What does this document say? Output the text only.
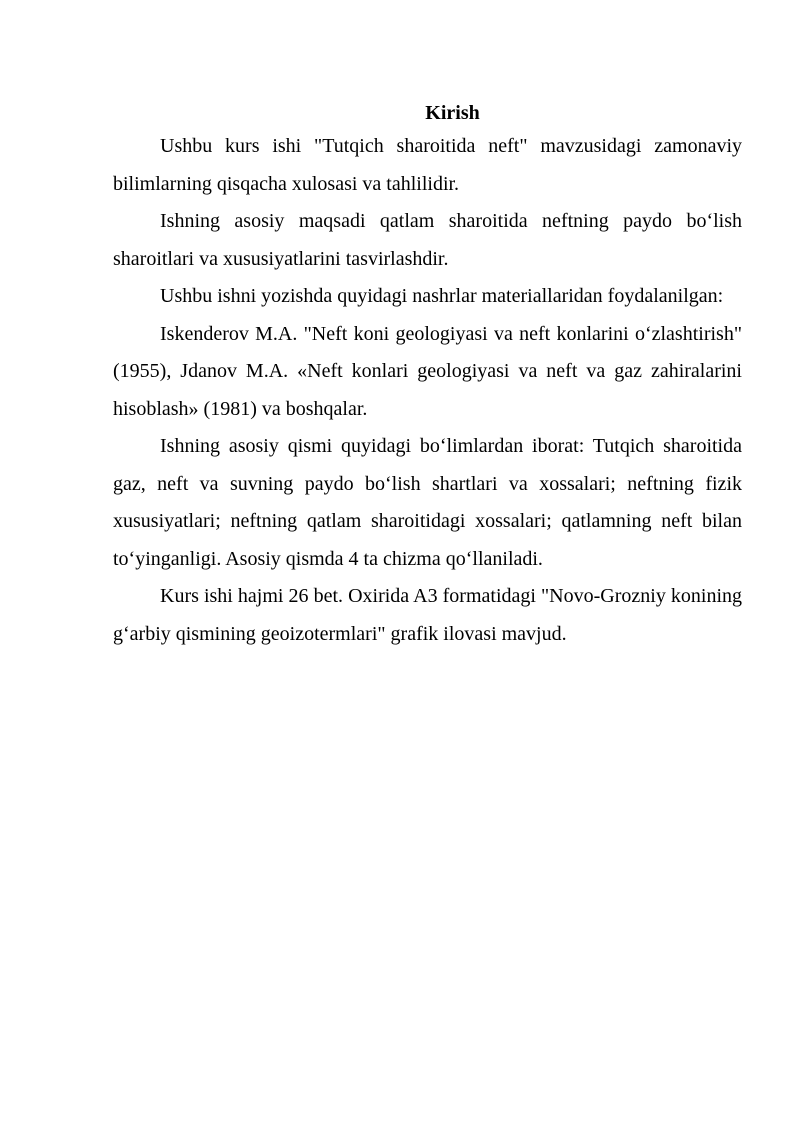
Kirish

Ushbu kurs ishi "Tutqich sharoitida neft" mavzusidagi zamonaviy bilimlarning qisqacha xulosasi va tahlilidir.

Ishning asosiy maqsadi qatlam sharoitida neftning paydo bo‘lish sharoitlari va xususiyatlarini tasvirlashdir.

Ushbu ishni yozishda quyidagi nashrlar materiallaridan foydalanilgan:

Iskenderov M.A. "Neft koni geologiyasi va neft konlarini o‘zlashtirish" (1955), Jdanov M.A. «Neft konlari geologiyasi va neft va gaz zahiralarini hisoblash» (1981) va boshqalar.

Ishning asosiy qismi quyidagi bo‘limlardan iborat: Tutqich sharoitida gaz, neft va suvning paydo bo‘lish shartlari va xossalari; neftning fizik xususiyatlari; neftning qatlam sharoitidagi xossalari; qatlamning neft bilan to‘yinganligi. Asosiy qismda 4 ta chizma qo‘llaniladi.

Kurs ishi hajmi 26 bet. Oxirida A3 formatidagi "Novo-Grozniy konining g‘arbiy qismining geoizotermlari" grafik ilovasi mavjud.
